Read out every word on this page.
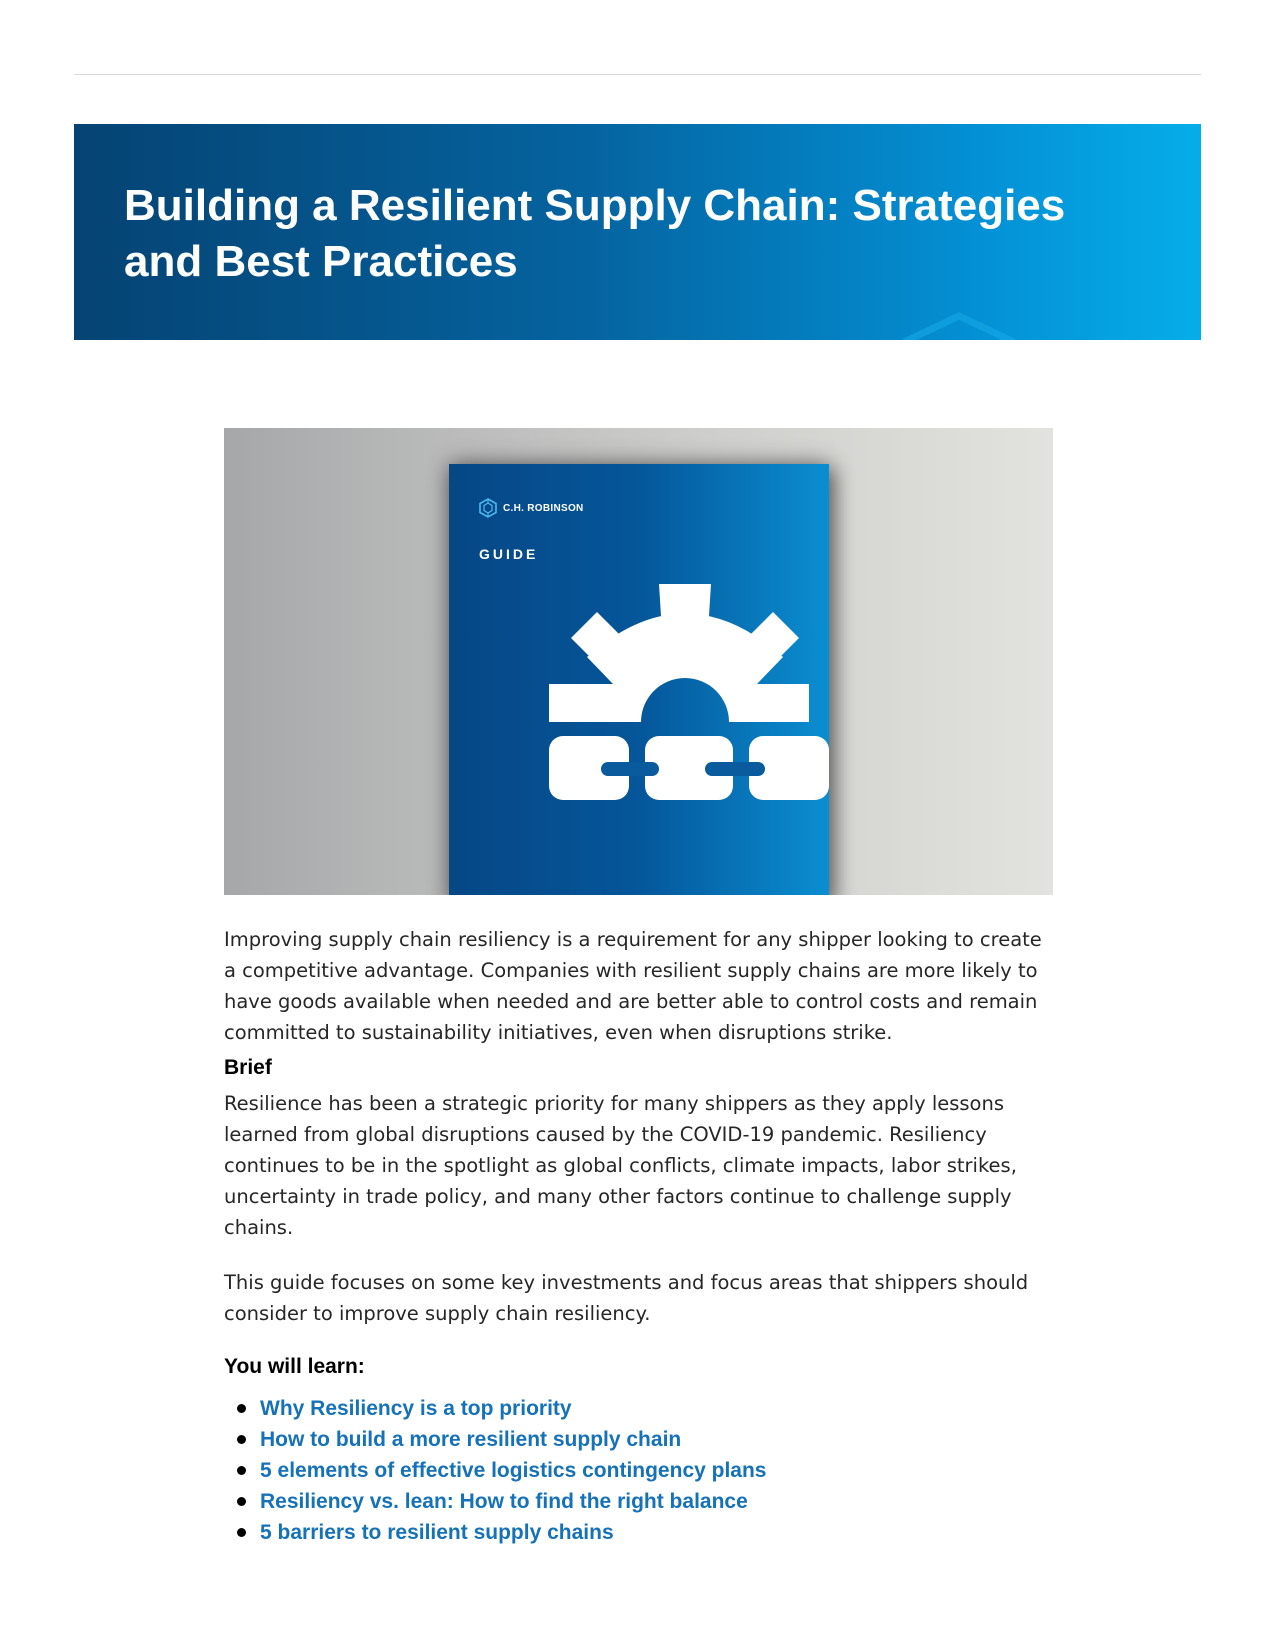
Building a Resilient Supply Chain: Strategies and Best Practices
C.H. ROBINSON
GUIDE

Improving supply chain resiliency is a requirement for any shipper looking to create a competitive advantage. Companies with resilient supply chains are more likely to have goods available when needed and are better able to control costs and remain committed to sustainability initiatives, even when disruptions strike.

Brief

Resilience has been a strategic priority for many shippers as they apply lessons learned from global disruptions caused by the COVID-19 pandemic. Resiliency continues to be in the spotlight as global conflicts, climate impacts, labor strikes, uncertainty in trade policy, and many other factors continue to challenge supply chains.

This guide focuses on some key investments and focus areas that shippers should consider to improve supply chain resiliency.

You will learn:
Why Resiliency is a top priority
How to build a more resilient supply chain
5 elements of effective logistics contingency plans
Resiliency vs. lean: How to find the right balance
5 barriers to resilient supply chains
